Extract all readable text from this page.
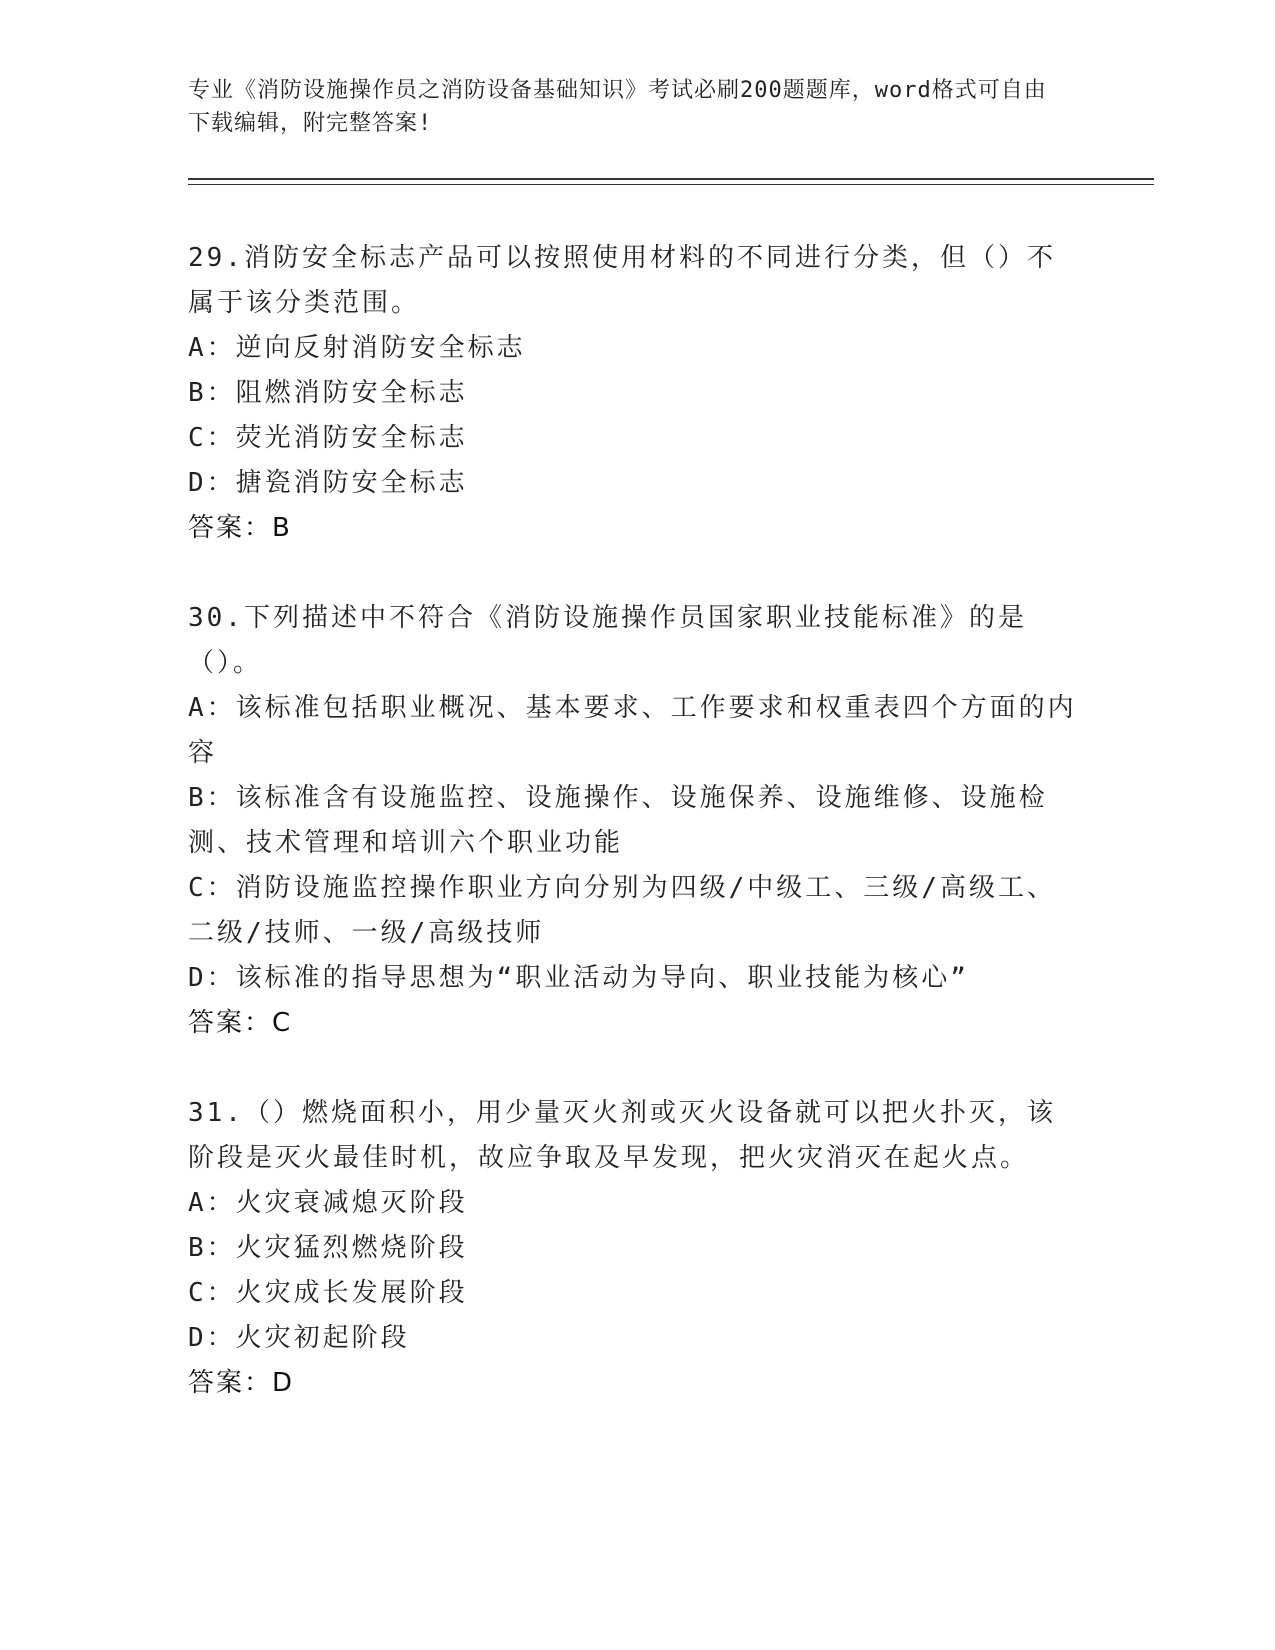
专业《消防设施操作员之消防设备基础知识》考试必刷200题题库，word格式可自由下载编辑，附完整答案!

29.消防安全标志产品可以按照使用材料的不同进行分类，但（）不属于该分类范围。

A：逆向反射消防安全标志

B：阻燃消防安全标志

C：荧光消防安全标志

D：搪瓷消防安全标志

答案：B

30.下列描述中不符合《消防设施操作员国家职业技能标准》的是（）。

A：该标准包括职业概况、基本要求、工作要求和权重表四个方面的内容

B：该标准含有设施监控、设施操作、设施保养、设施维修、设施检测、技术管理和培训六个职业功能

C：消防设施监控操作职业方向分别为四级/中级工、三级/高级工、二级/技师、一级/高级技师

D：该标准的指导思想为“职业活动为导向、职业技能为核心”

答案：C

31.（）燃烧面积小，用少量灭火剂或灭火设备就可以把火扑灭，该阶段是灭火最佳时机，故应争取及早发现，把火灾消灭在起火点。

A：火灾衰减熄灭阶段

B：火灾猛烈燃烧阶段

C：火灾成长发展阶段

D：火灾初起阶段

答案：D
